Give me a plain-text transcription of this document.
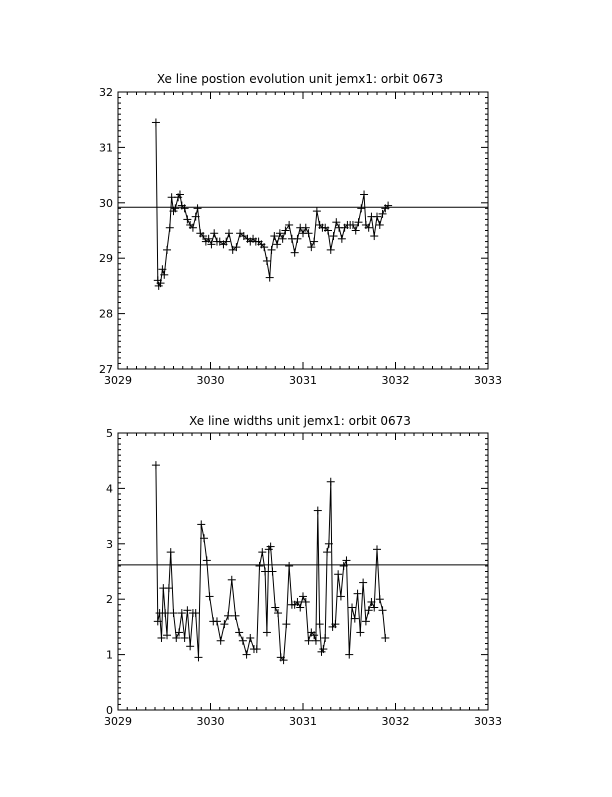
Xe line postion evolution unit jemx1: orbit 0673
3029	3030	3031	3032	3033
27
28
29
30
31
32
Xe line widths unit jemx1: orbit 0673
3029	3030	3031	3032	3033
0
1
2
3
4
5
